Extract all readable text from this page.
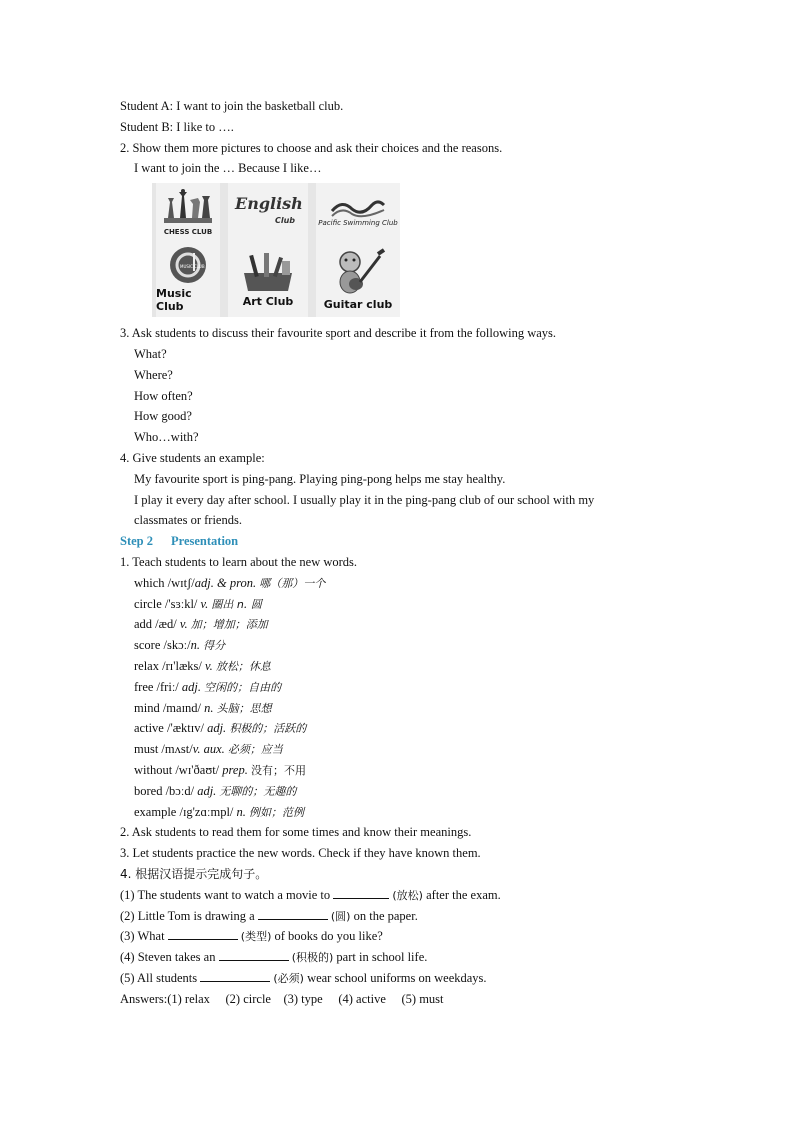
Student A: I want to join the basketball club.
Student B: I like to ….
2. Show them more pictures to choose and ask their choices and the reasons.
I want to join the … Because I like…
CHESS CLUB
English
Club	Pacific Swimming Club
MUSIC CLUB
Music Club	Art Club	Guitar club
3. Ask students to discuss their favourite sport and describe it from the following ways.
What?
Where?
How often?
How good?
Who…with?
4. Give students an example:
My favourite sport is ping-pang. Playing ping-pong helps me stay healthy.
I play it every day after school. I usually play it in the ping-pang club of our school with my
classmates or friends.
Step 2 Presentation
1. Teach students to learn about the new words.
which /wɪtʃ/adj. & pron. 哪（那）一个
circle /'sɜːkl/ v. 圈出 n. 圆
add /æd/ v. 加；增加；添加
score /skɔː/n. 得分
relax /rɪ'læks/ v. 放松；休息
free /friː/ adj. 空闲的；自由的
mind /maɪnd/ n. 头脑；思想
active /'æktɪv/ adj. 积极的；活跃的
must /mʌst/v. aux. 必须；应当
without /wɪ'ðaʊt/ prep. 没有；不用
bored /bɔːd/ adj. 无聊的；无趣的
example /ɪg'zɑːmpl/ n. 例如；范例
2. Ask students to read them for some times and know their meanings.
3. Let students practice the new words. Check if they have known them.
4. 根据汉语提示完成句子。
(1) The students want to watch a movie to	(放松) after the exam.
(2) Little Tom is drawing a	(圆) on the paper.
(3) What	(类型) of books do you like?
(4) Steven takes an	(积极的) part in school life.
(5) All students	(必须) wear school uniforms on weekdays.
Answers:(1) relax     (2) circle    (3) type     (4) active     (5) must
